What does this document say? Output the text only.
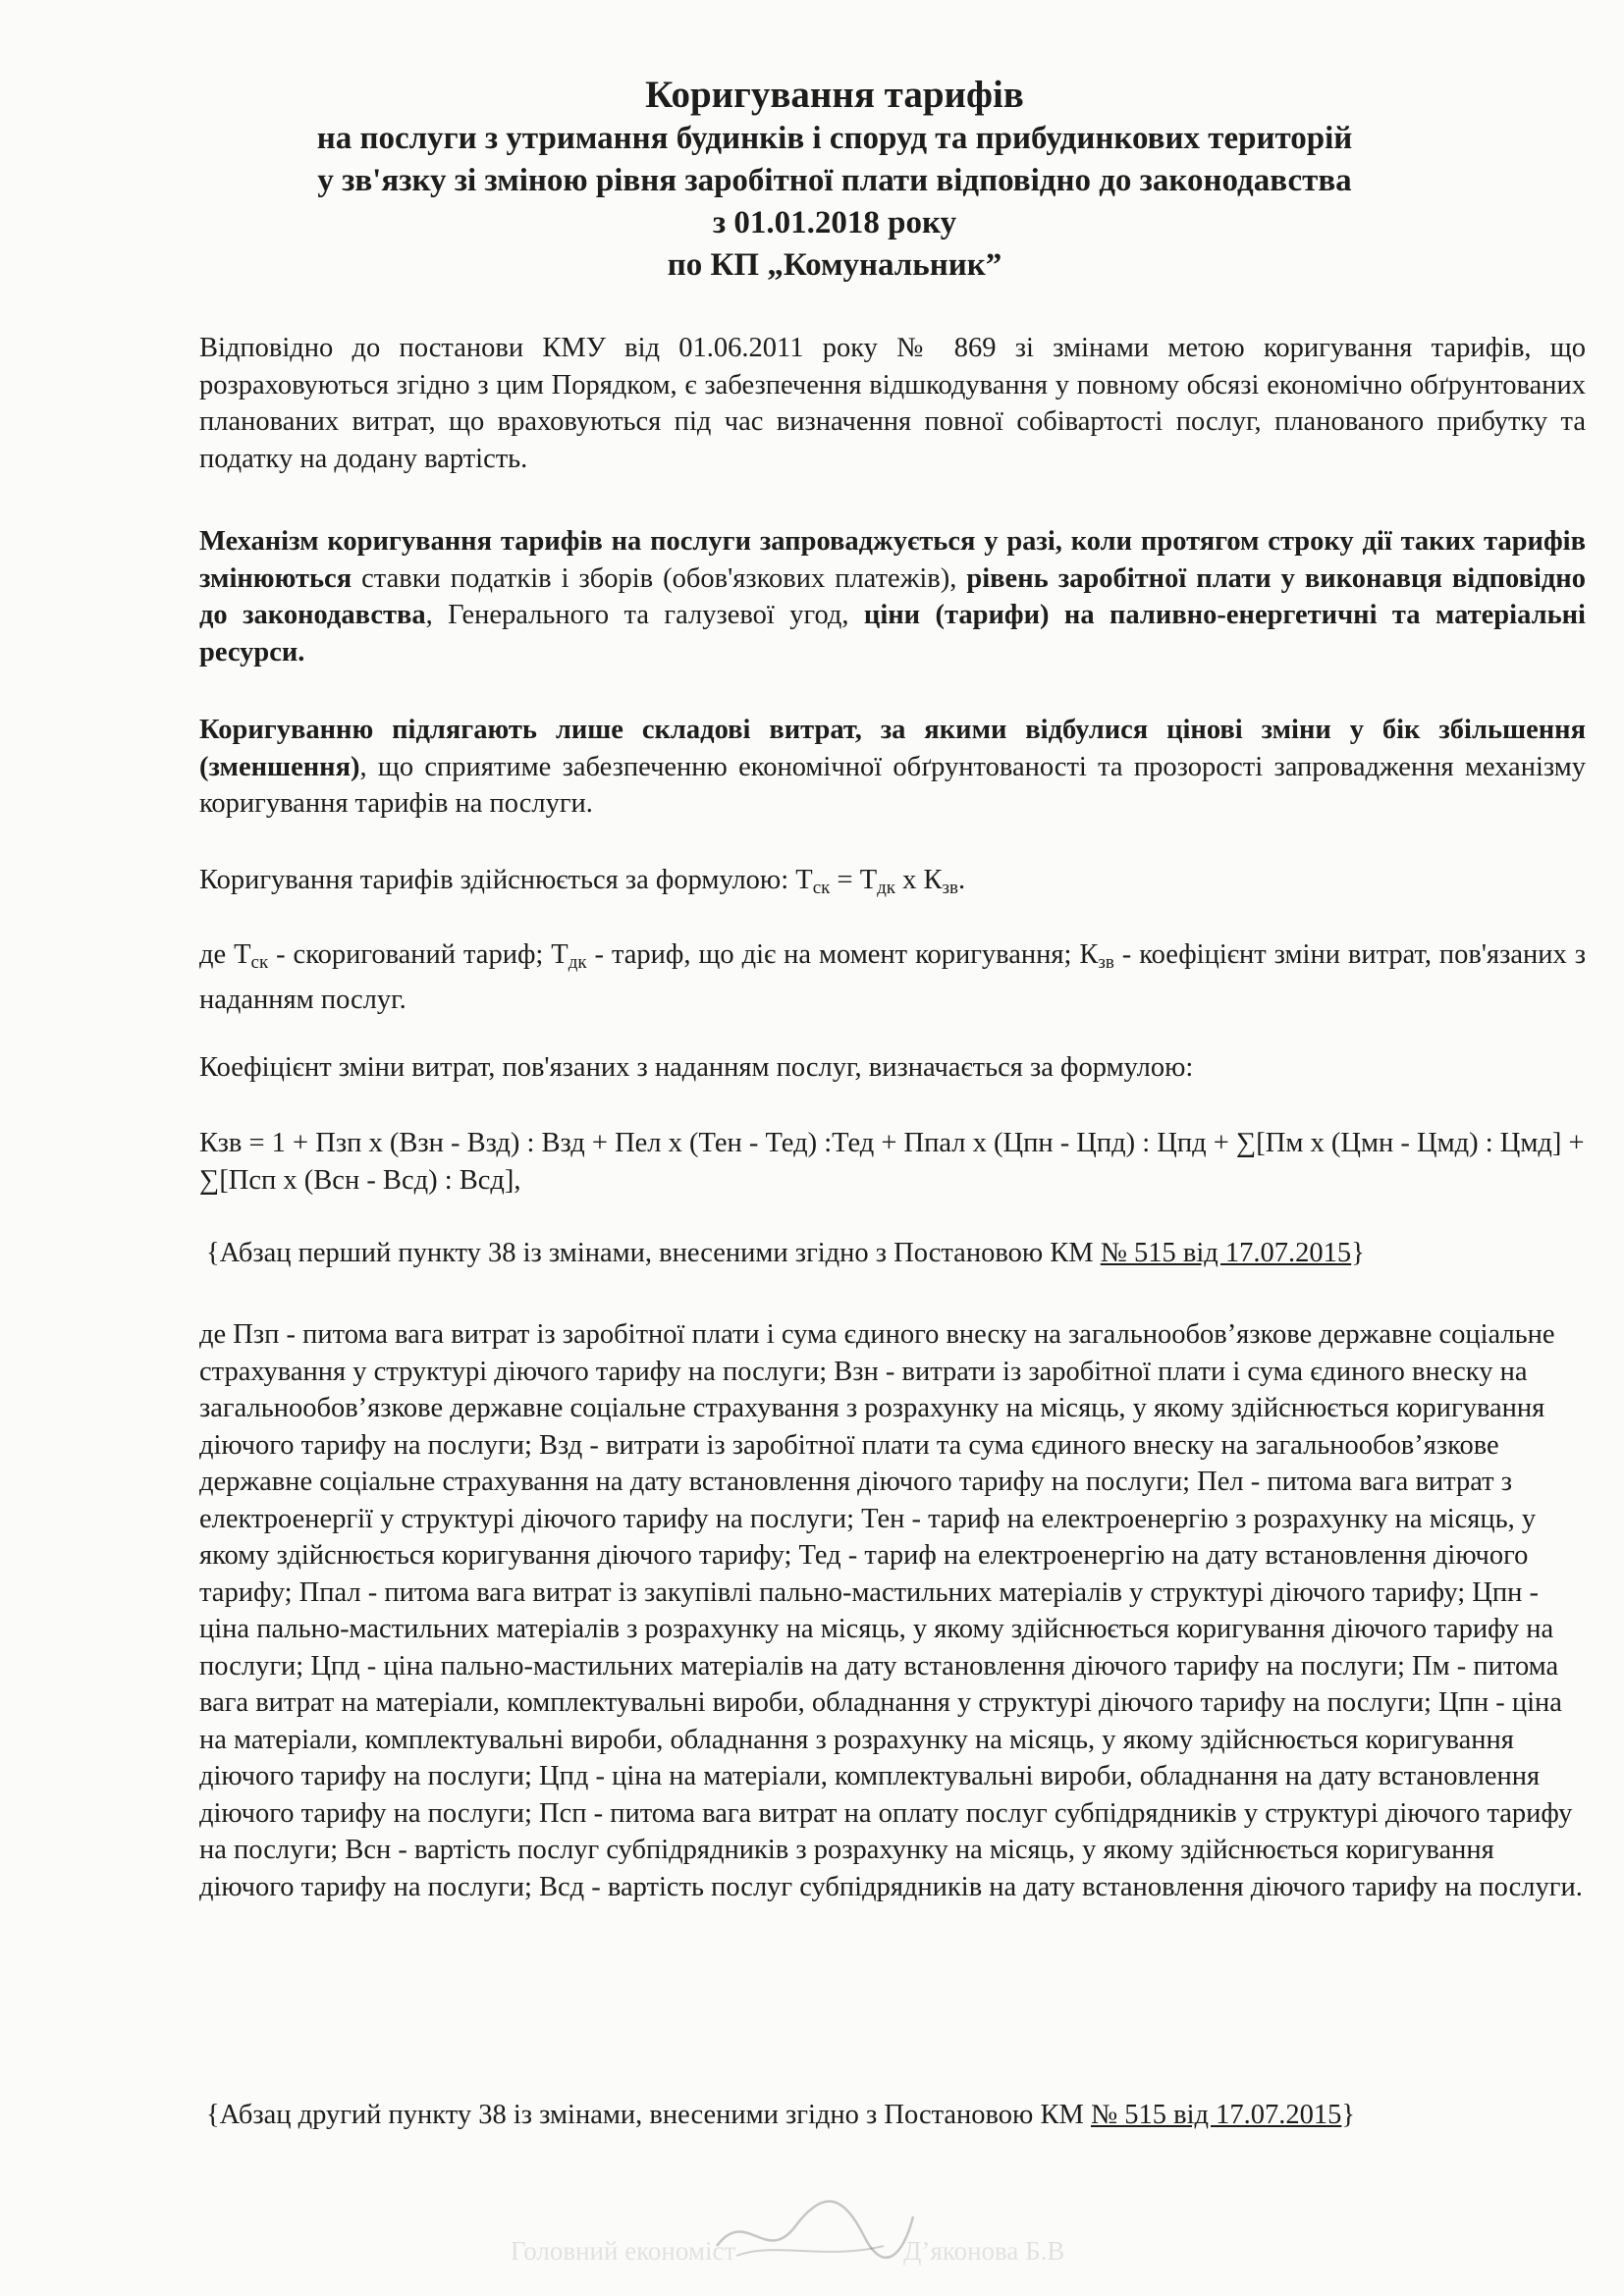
Д’яконова Б.В
Головний економіст
Коригування тарифів
на послуги з утримання будинків і споруд та прибудинкових територій
у зв'язку зі зміною рівня заробітної плати відповідно до законодавства
з 01.01.2018 року
по КП „Комунальник”
Відповідно до постанови КМУ від 01.06.2011 року № 869 зі змінами метою коригування тарифів, що розраховуються згідно з цим Порядком, є забезпечення відшкодування у повному обсязі економічно обґрунтованих планованих витрат, що враховуються під час визначення повної собівартості послуг, планованого прибутку та податку на додану вартість.
Механізм коригування тарифів на послуги запроваджується у разі, коли протягом строку дії таких тарифів змінюються ставки податків і зборів (обов'язкових платежів), рівень заробітної плати у виконавця відповідно до законодавства, Генерального та галузевої угод, ціни (тарифи) на паливно-енергетичні та матеріальні ресурси.
Коригуванню підлягають лише складові витрат, за якими відбулися цінові зміни у бік збільшення (зменшення), що сприятиме забезпеченню економічної обґрунтованості та прозорості запровадження механізму коригування тарифів на послуги.
Коригування тарифів здійснюється за формулою: $Т_{ск} = Т_{дк}$ х $К_{зв}$.
де $Т_{ск}$ - скоригований тариф; $Т_{дк}$ - тариф, що діє на момент коригування; $К_{зв}$ - коефіцієнт зміни витрат, пов'язаних з наданням послуг.
Коефіцієнт зміни витрат, пов'язаних з наданням послуг, визначається за формулою:
Кзв = 1 + Пзп х (Взн - Взд) : Взд + Пел х (Тен - Тед) :Тед + Ппал х (Цпн - Цпд) : Цпд + ∑[Пм х (Цмн - Цмд) : Цмд] + ∑[Псп х (Всн - Всд) : Всд],
{Абзац перший пункту 38 із змінами, внесеними згідно з Постановою КМ № 515 від 17.07.2015}
де Пзп - питома вага витрат із заробітної плати і сума єдиного внеску на загальнообов’язкове державне соціальне страхування у структурі діючого тарифу на послуги; Взн - витрати із заробітної плати і сума єдиного внеску на загальнообов’язкове державне соціальне страхування з розрахунку на місяць, у якому здійснюється коригування діючого тарифу на послуги; Взд - витрати із заробітної плати та сума єдиного внеску на загальнообов’язкове державне соціальне страхування на дату встановлення діючого тарифу на послуги; Пел - питома вага витрат з електроенергії у структурі діючого тарифу на послуги; Тен - тариф на електроенергію з розрахунку на місяць, у якому здійснюється коригування діючого тарифу; Тед - тариф на електроенергію на дату встановлення діючого тарифу; Ппал - питома вага витрат із закупівлі пально-мастильних матеріалів у структурі діючого тарифу; Цпн - ціна пально-мастильних матеріалів з розрахунку на місяць, у якому здійснюється коригування діючого тарифу на послуги; Цпд - ціна пально-мастильних матеріалів на дату встановлення діючого тарифу на послуги; Пм - питома вага витрат на матеріали, комплектувальні вироби, обладнання у структурі діючого тарифу на послуги; Цпн - ціна на матеріали, комплектувальні вироби, обладнання з розрахунку на місяць, у якому здійснюється коригування діючого тарифу на послуги; Цпд - ціна на матеріали, комплектувальні вироби, обладнання на дату встановлення діючого тарифу на послуги; Псп - питома вага витрат на оплату послуг субпідрядників у структурі діючого тарифу на послуги; Всн - вартість послуг субпідрядників з розрахунку на місяць, у якому здійснюється коригування діючого тарифу на послуги; Всд - вартість послуг субпідрядників на дату встановлення діючого тарифу на послуги.
{Абзац другий пункту 38 із змінами, внесеними згідно з Постановою КМ № 515 від 17.07.2015}
